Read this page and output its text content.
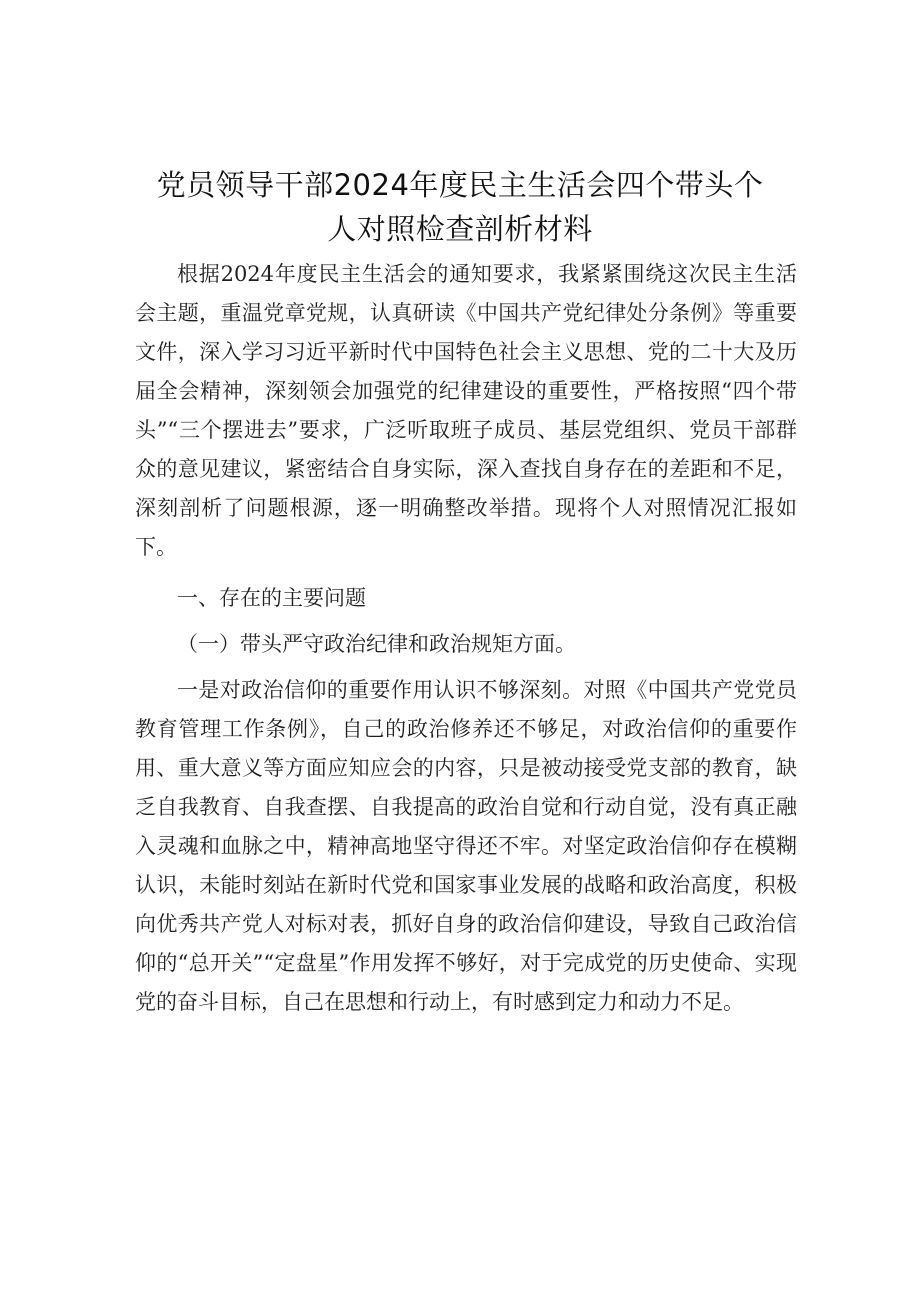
党员领导干部2024年度民主生活会四个带头个
人对照检查剖析材料

根据2024年度民主生活会的通知要求，我紧紧围绕这次民主生活会主题，重温党章党规，认真研读《中国共产党纪律处分条例》等重要文件，深入学习习近平新时代中国特色社会主义思想、党的二十大及历届全会精神，深刻领会加强党的纪律建设的重要性，严格按照“四个带头”“三个摆进去”要求，广泛听取班子成员、基层党组织、党员干部群众的意见建议，紧密结合自身实际，深入查找自身存在的差距和不足，深刻剖析了问题根源，逐一明确整改举措。现将个人对照情况汇报如下。

一、存在的主要问题

（一）带头严守政治纪律和政治规矩方面。

一是对政治信仰的重要作用认识不够深刻。对照《中国共产党党员教育管理工作条例》，自己的政治修养还不够足，对政治信仰的重要作用、重大意义等方面应知应会的内容，只是被动接受党支部的教育，缺乏自我教育、自我查摆、自我提高的政治自觉和行动自觉，没有真正融入灵魂和血脉之中，精神高地坚守得还不牢。对坚定政治信仰存在模糊认识，未能时刻站在新时代党和国家事业发展的战略和政治高度，积极向优秀共产党人对标对表，抓好自身的政治信仰建设，导致自己政治信仰的“总开关”“定盘星”作用发挥不够好，对于完成党的历史使命、实现党的奋斗目标，自己在思想和行动上，有时感到定力和动力不足。
